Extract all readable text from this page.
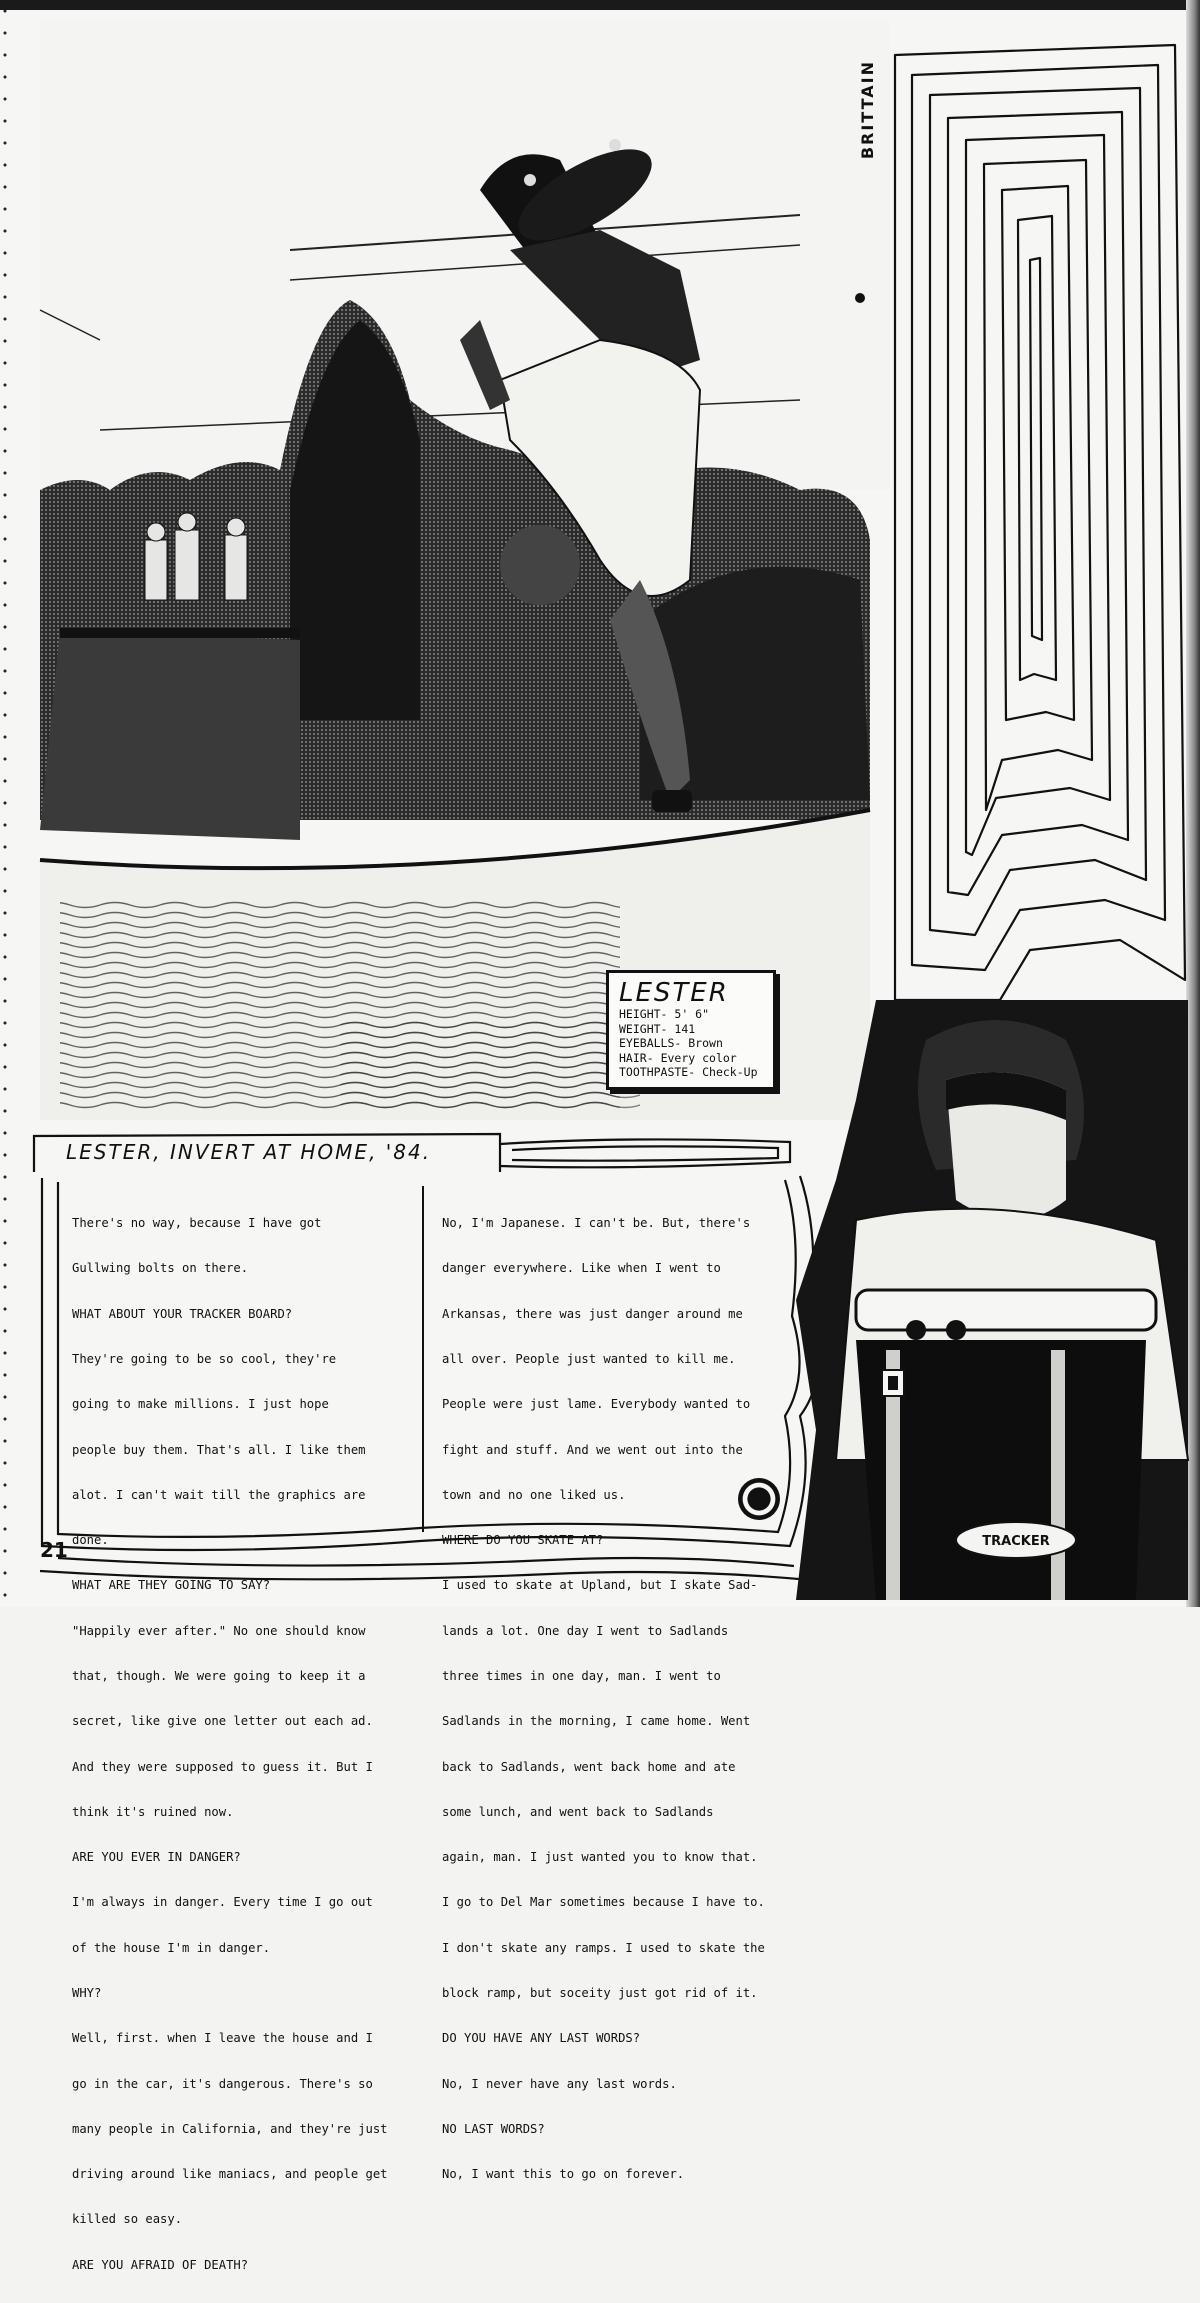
BRITTAIN
LESTER
HEIGHT- 5' 6"
WEIGHT- 141
EYEBALLS- Brown
HAIR- Every color
TOOTHPASTE- Check-Up
LESTER, INVERT AT HOME, '84.

There's no way, because I have got

Gullwing bolts on there.

WHAT ABOUT YOUR TRACKER BOARD?

They're going to be so cool, they're

going to make millions. I just hope

people buy them. That's all. I like them

alot. I can't wait till the graphics are

done.

WHAT ARE THEY GOING TO SAY?

"Happily ever after." No one should know

that, though. We were going to keep it a

secret, like give one letter out each ad.

And they were supposed to guess it. But I

think it's ruined now.

ARE YOU EVER IN DANGER?

I'm always in danger. Every time I go out

of the house I'm in danger.

WHY?

Well, first. when I leave the house and I

go in the car, it's dangerous. There's so

many people in California, and they're just

driving around like maniacs, and people get

killed so easy.

ARE YOU AFRAID OF DEATH?

No, I'm Japanese. I can't be. But, there's

danger everywhere. Like when I went to

Arkansas, there was just danger around me

all over. People just wanted to kill me.

People were just lame. Everybody wanted to

fight and stuff. And we went out into the

town and no one liked us.

WHERE DO YOU SKATE AT?

I used to skate at Upland, but I skate Sad-

lands a lot. One day I went to Sadlands

three times in one day, man. I went to

Sadlands in the morning, I came home. Went

back to Sadlands, went back home and ate

some lunch, and went back to Sadlands

again, man. I just wanted you to know that.

I go to Del Mar sometimes because I have to.

I don't skate any ramps. I used to skate the

block ramp, but soceity just got rid of it.

DO YOU HAVE ANY LAST WORDS?

No, I never have any last words.

NO LAST WORDS?

No, I want this to go on forever.

TRACKER
21
